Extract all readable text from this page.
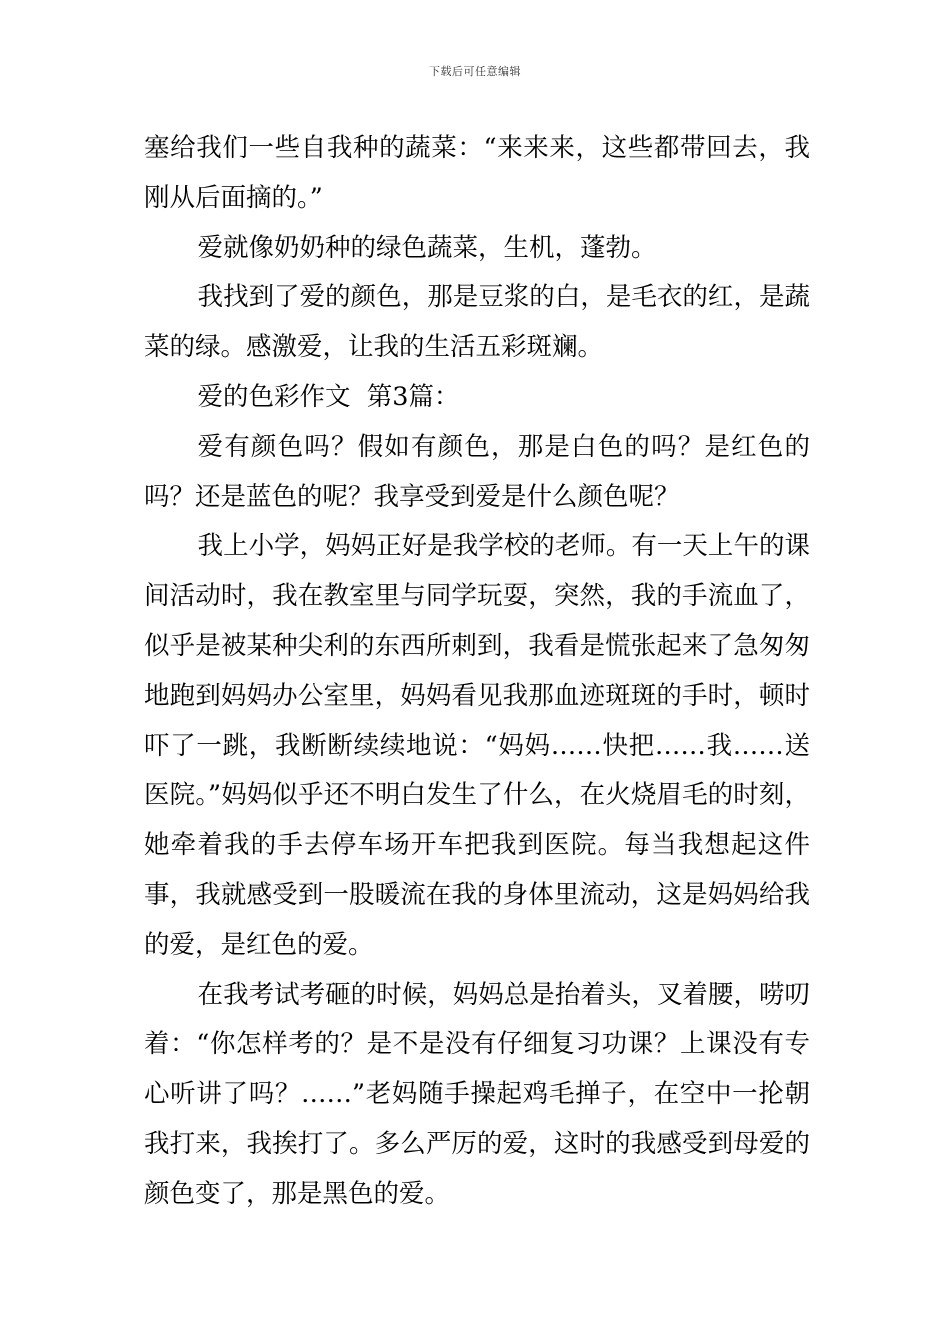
下载后可任意编辑

塞给我们一些自我种的蔬菜：“来来来，这些都带回去，我刚从后面摘的。”

爱就像奶奶种的绿色蔬菜，生机，蓬勃。

我找到了爱的颜色，那是豆浆的白，是毛衣的红，是蔬菜的绿。感激爱，让我的生活五彩斑斓。

爱的色彩作文  第3篇：

爱有颜色吗？假如有颜色，那是白色的吗？是红色的吗？还是蓝色的呢？我享受到爱是什么颜色呢？

我上小学，妈妈正好是我学校的老师。有一天上午的课间活动时，我在教室里与同学玩耍，突然，我的手流血了，似乎是被某种尖利的东西所刺到，我看是慌张起来了急匆匆地跑到妈妈办公室里，妈妈看见我那血迹斑斑的手时，顿时吓了一跳，我断断续续地说：“妈妈……快把……我……送医院。”妈妈似乎还不明白发生了什么，在火烧眉毛的时刻，她牵着我的手去停车场开车把我到医院。每当我想起这件事，我就感受到一股暖流在我的身体里流动，这是妈妈给我的爱，是红色的爱。

在我考试考砸的时候，妈妈总是抬着头，叉着腰，唠叨着：“你怎样考的？是不是没有仔细复习功课？上课没有专心听讲了吗？……”老妈随手操起鸡毛掸子，在空中一抡朝我打来，我挨打了。多么严厉的爱，这时的我感受到母爱的颜色变了，那是黑色的爱。
